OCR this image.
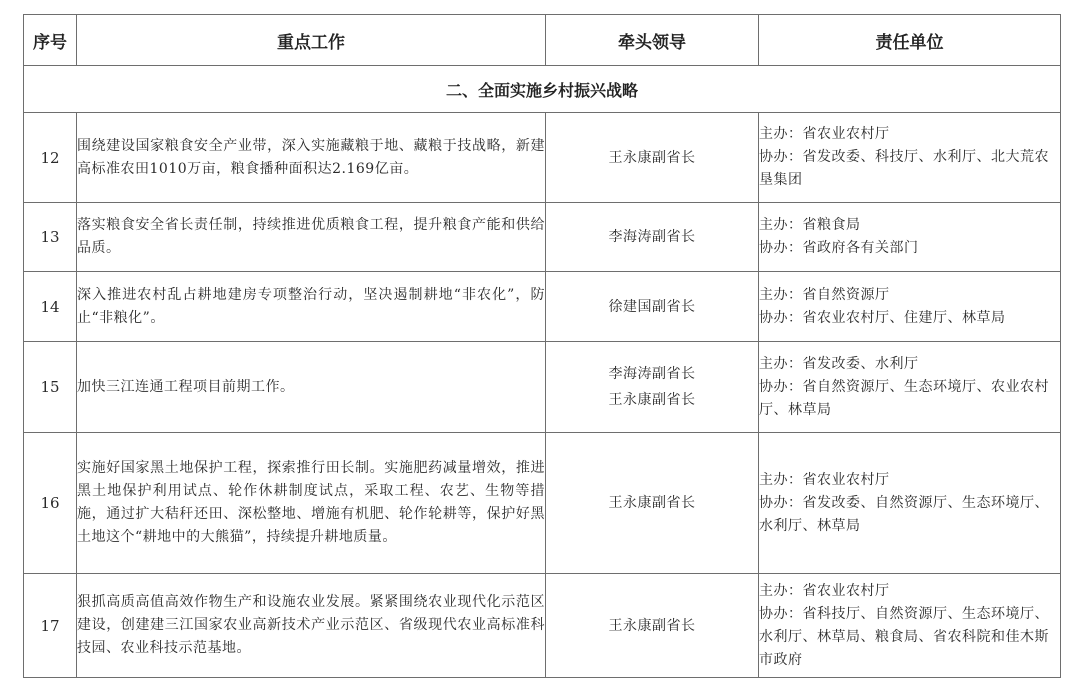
序号	重点工作	牵头领导	责任单位
二、全面实施乡村振兴战略			
12	围绕建设国家粮食安全产业带，深入实施藏粮于地、藏粮于技战略，新建高标准农田1010万亩，粮食播种面积达2.169亿亩。	王永康副省长	主办：省农业农村厅
协办：省发改委、科技厅、水利厅、北大荒农垦集团

13	落实粮食安全省长责任制，持续推进优质粮食工程，提升粮食产能和供给品质。	李海涛副省长	主办：省粮食局
协办：省政府各有关部门

14	深入推进农村乱占耕地建房专项整治行动，坚决遏制耕地“非农化”，防止“非粮化”。	徐建国副省长	主办：省自然资源厅
协办：省农业农村厅、住建厅、林草局

15	加快三江连通工程项目前期工作。	李海涛副省长
王永康副省长	主办：省发改委、水利厅
协办：省自然资源厅、生态环境厅、农业农村厅、林草局

16	实施好国家黑土地保护工程，探索推行田长制。实施肥药减量增效，推进黑土地保护利用试点、轮作休耕制度试点，采取工程、农艺、生物等措施，通过扩大秸秆还田、深松整地、增施有机肥、轮作轮耕等，保护好黑土地这个“耕地中的大熊猫”，持续提升耕地质量。	王永康副省长	主办：省农业农村厅
协办：省发改委、自然资源厅、生态环境厅、水利厅、林草局

17	狠抓高质高值高效作物生产和设施农业发展。紧紧围绕农业现代化示范区建设，创建建三江国家农业高新技术产业示范区、省级现代农业高标准科技园、农业科技示范基地。	王永康副省长	主办：省农业农村厅
协办：省科技厅、自然资源厅、生态环境厅、水利厅、林草局、粮食局、省农科院和佳木斯市政府
